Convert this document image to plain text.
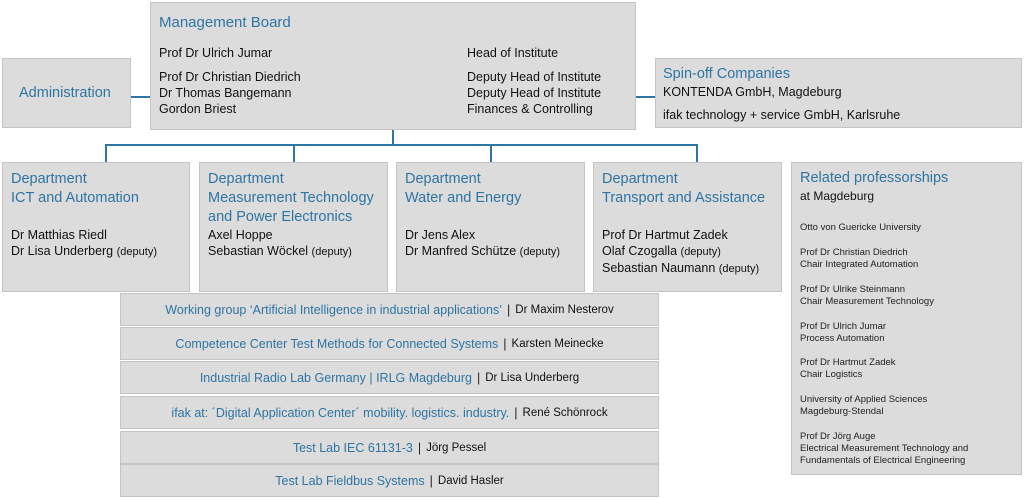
Management Board
Prof Dr Ulrich Jumar	Head of Institute
Prof Dr Christian Diedrich	Deputy Head of Institute
Dr Thomas Bangemann	Deputy Head of Institute
Gordon Briest	Finances & Controlling
Administration
Spin-off Companies
KONTENDA GmbH, Magdeburg
ifak technology + service GmbH, Karlsruhe
Department
ICT and Automation
Dr Matthias Riedl
Dr Lisa Underberg (deputy)
Department
Measurement Technology and Power Electronics
Axel Hoppe
Sebastian Wöckel (deputy)
Department
Water and Energy
Dr Jens Alex
Dr Manfred Schütze (deputy)
Department
Transport and Assistance
Prof Dr Hartmut Zadek
Olaf Czogalla (deputy)
Sebastian Naumann (deputy)
Working group ‘Artificial Intelligence in industrial applications’ | Dr Maxim Nesterov
Competence Center Test Methods for Connected Systems | Karsten Meinecke
Industrial Radio Lab Germany | IRLG Magdeburg | Dr Lisa Underberg
ifak at: ´Digital Application Center´ mobility. logistics. industry. | René Schönrock
Test Lab IEC 61131-3 | Jörg Pessel
Test Lab Fieldbus Systems | David Hasler
Related professorships
at Magdeburg
Otto von Guericke University
Prof Dr Christian Diedrich
Chair Integrated Automation
Prof Dr Ulrike Steinmann
Chair Measurement Technology
Prof Dr Ulrich Jumar
Process Automation
Prof Dr Hartmut Zadek
Chair Logistics
University of Applied Sciences
Magdeburg-Stendal
Prof Dr Jörg Auge
Electrical Measurement Technology and
Fundamentals of Electrical Engineering
